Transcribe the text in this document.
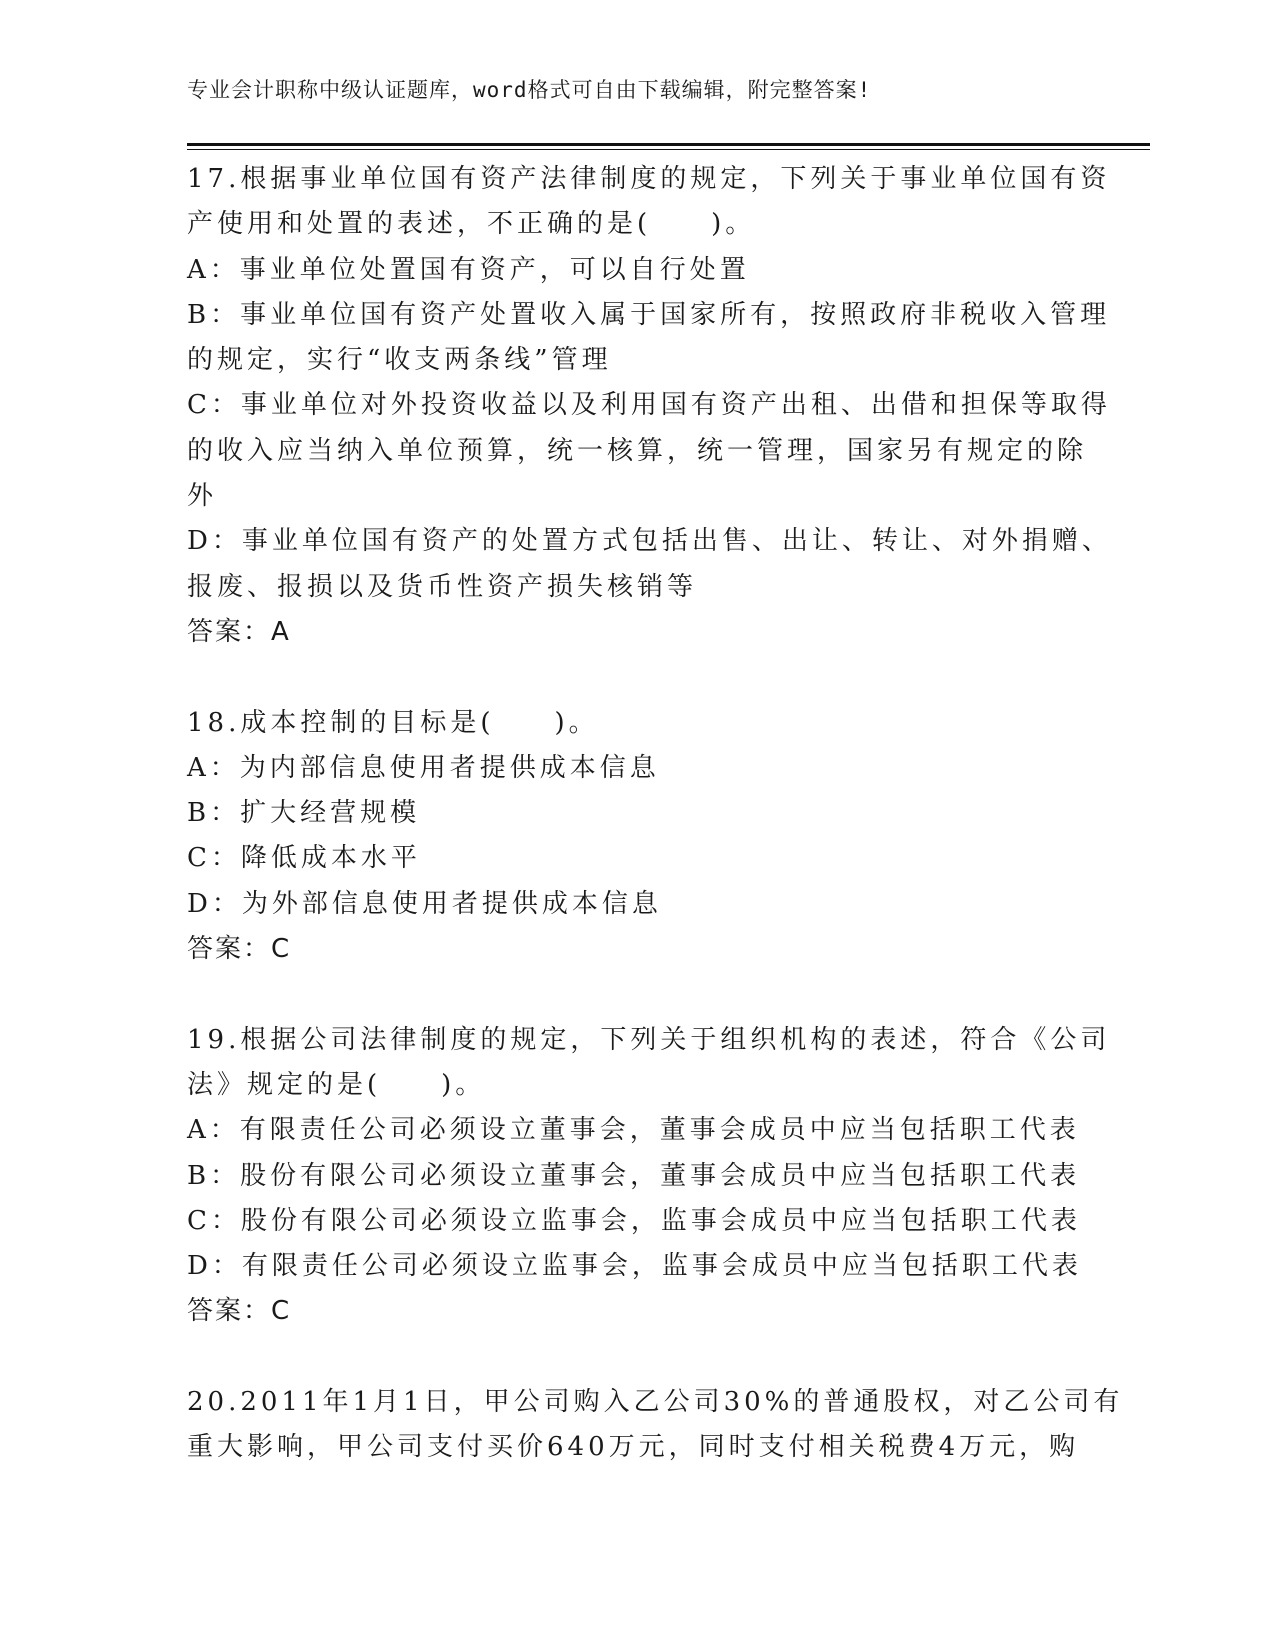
专业会计职称中级认证题库，word格式可自由下载编辑，附完整答案!
17.根据事业单位国有资产法律制度的规定，下列关于事业单位国有资
产使用和处置的表述，不正确的是(　　)。
A：事业单位处置国有资产，可以自行处置
B：事业单位国有资产处置收入属于国家所有，按照政府非税收入管理
的规定，实行“收支两条线”管理
C：事业单位对外投资收益以及利用国有资产出租、出借和担保等取得
的收入应当纳入单位预算，统一核算，统一管理，国家另有规定的除
外
D：事业单位国有资产的处置方式包括出售、出让、转让、对外捐赠、
报废、报损以及货币性资产损失核销等
答案：A
18.成本控制的目标是(　　)。
A：为内部信息使用者提供成本信息
B：扩大经营规模
C：降低成本水平
D：为外部信息使用者提供成本信息
答案：C
19.根据公司法律制度的规定，下列关于组织机构的表述，符合《公司
法》规定的是(　　)。
A：有限责任公司必须设立董事会，董事会成员中应当包括职工代表
B：股份有限公司必须设立董事会，董事会成员中应当包括职工代表
C：股份有限公司必须设立监事会，监事会成员中应当包括职工代表
D：有限责任公司必须设立监事会，监事会成员中应当包括职工代表
答案：C
20.2011年1月1日，甲公司购入乙公司30%的普通股权，对乙公司有
重大影响，甲公司支付买价640万元，同时支付相关税费4万元，购
